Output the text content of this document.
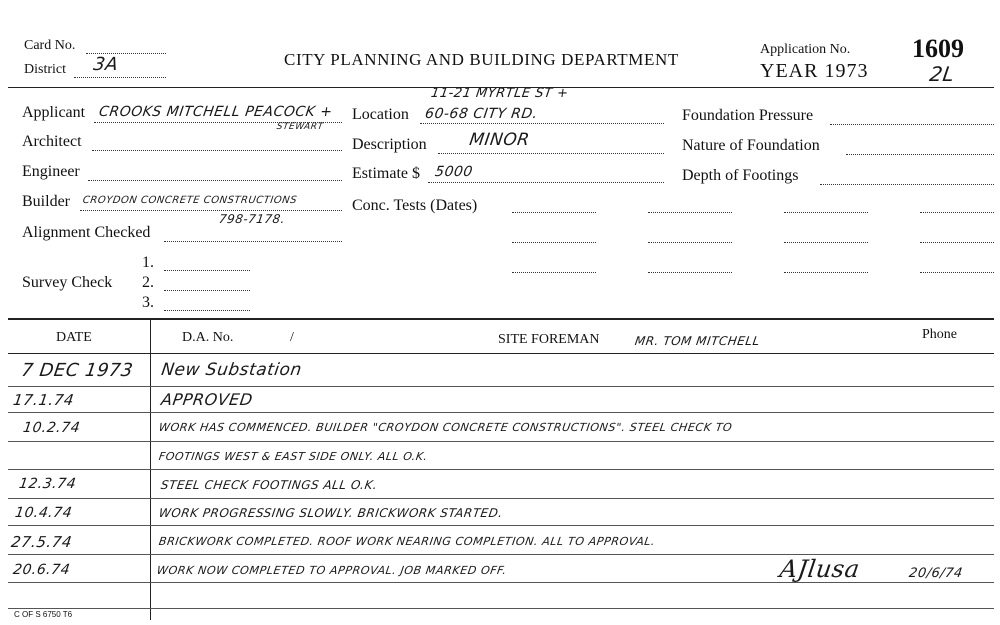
Card No.
District 3A	CITY PLANNING AND BUILDING DEPARTMENT
Application No.
YEAR 1973
1609
2L
Applicant CROOKS MITCHELL PEACOCK +
STEWART
Architect
Engineer
Builder CROYDON CONCRETE CONSTRUCTIONS
798-7178.
Alignment Checked
Survey Check
1.
2.
3.
11-21 MYRTLE ST +
Location 60-68 CITY RD.
Description MINOR
Estimate $ 5000
Conc. Tests (Dates)
Foundation Pressure
Nature of Foundation
Depth of Footings
DATE	D.A. No.	/	SITE FOREMAN	MR. TOM MITCHELL	Phone
7 DEC 1973 New Substation
17.1.74	APPROVED
10.2.74	WORK HAS COMMENCED. BUILDER "CROYDON CONCRETE CONSTRUCTIONS". STEEL CHECK TO
FOOTINGS WEST & EAST SIDE ONLY. ALL O.K.
12.3.74	STEEL CHECK FOOTINGS ALL O.K.
10.4.74	WORK PROGRESSING SLOWLY. BRICKWORK STARTED.
27.5.74	BRICKWORK COMPLETED. ROOF WORK NEARING COMPLETION. ALL TO APPROVAL.
20.6.74	WORK NOW COMPLETED TO APPROVAL. JOB MARKED OFF.	AJlusa	20/6/74
C OF S 6750 T6
